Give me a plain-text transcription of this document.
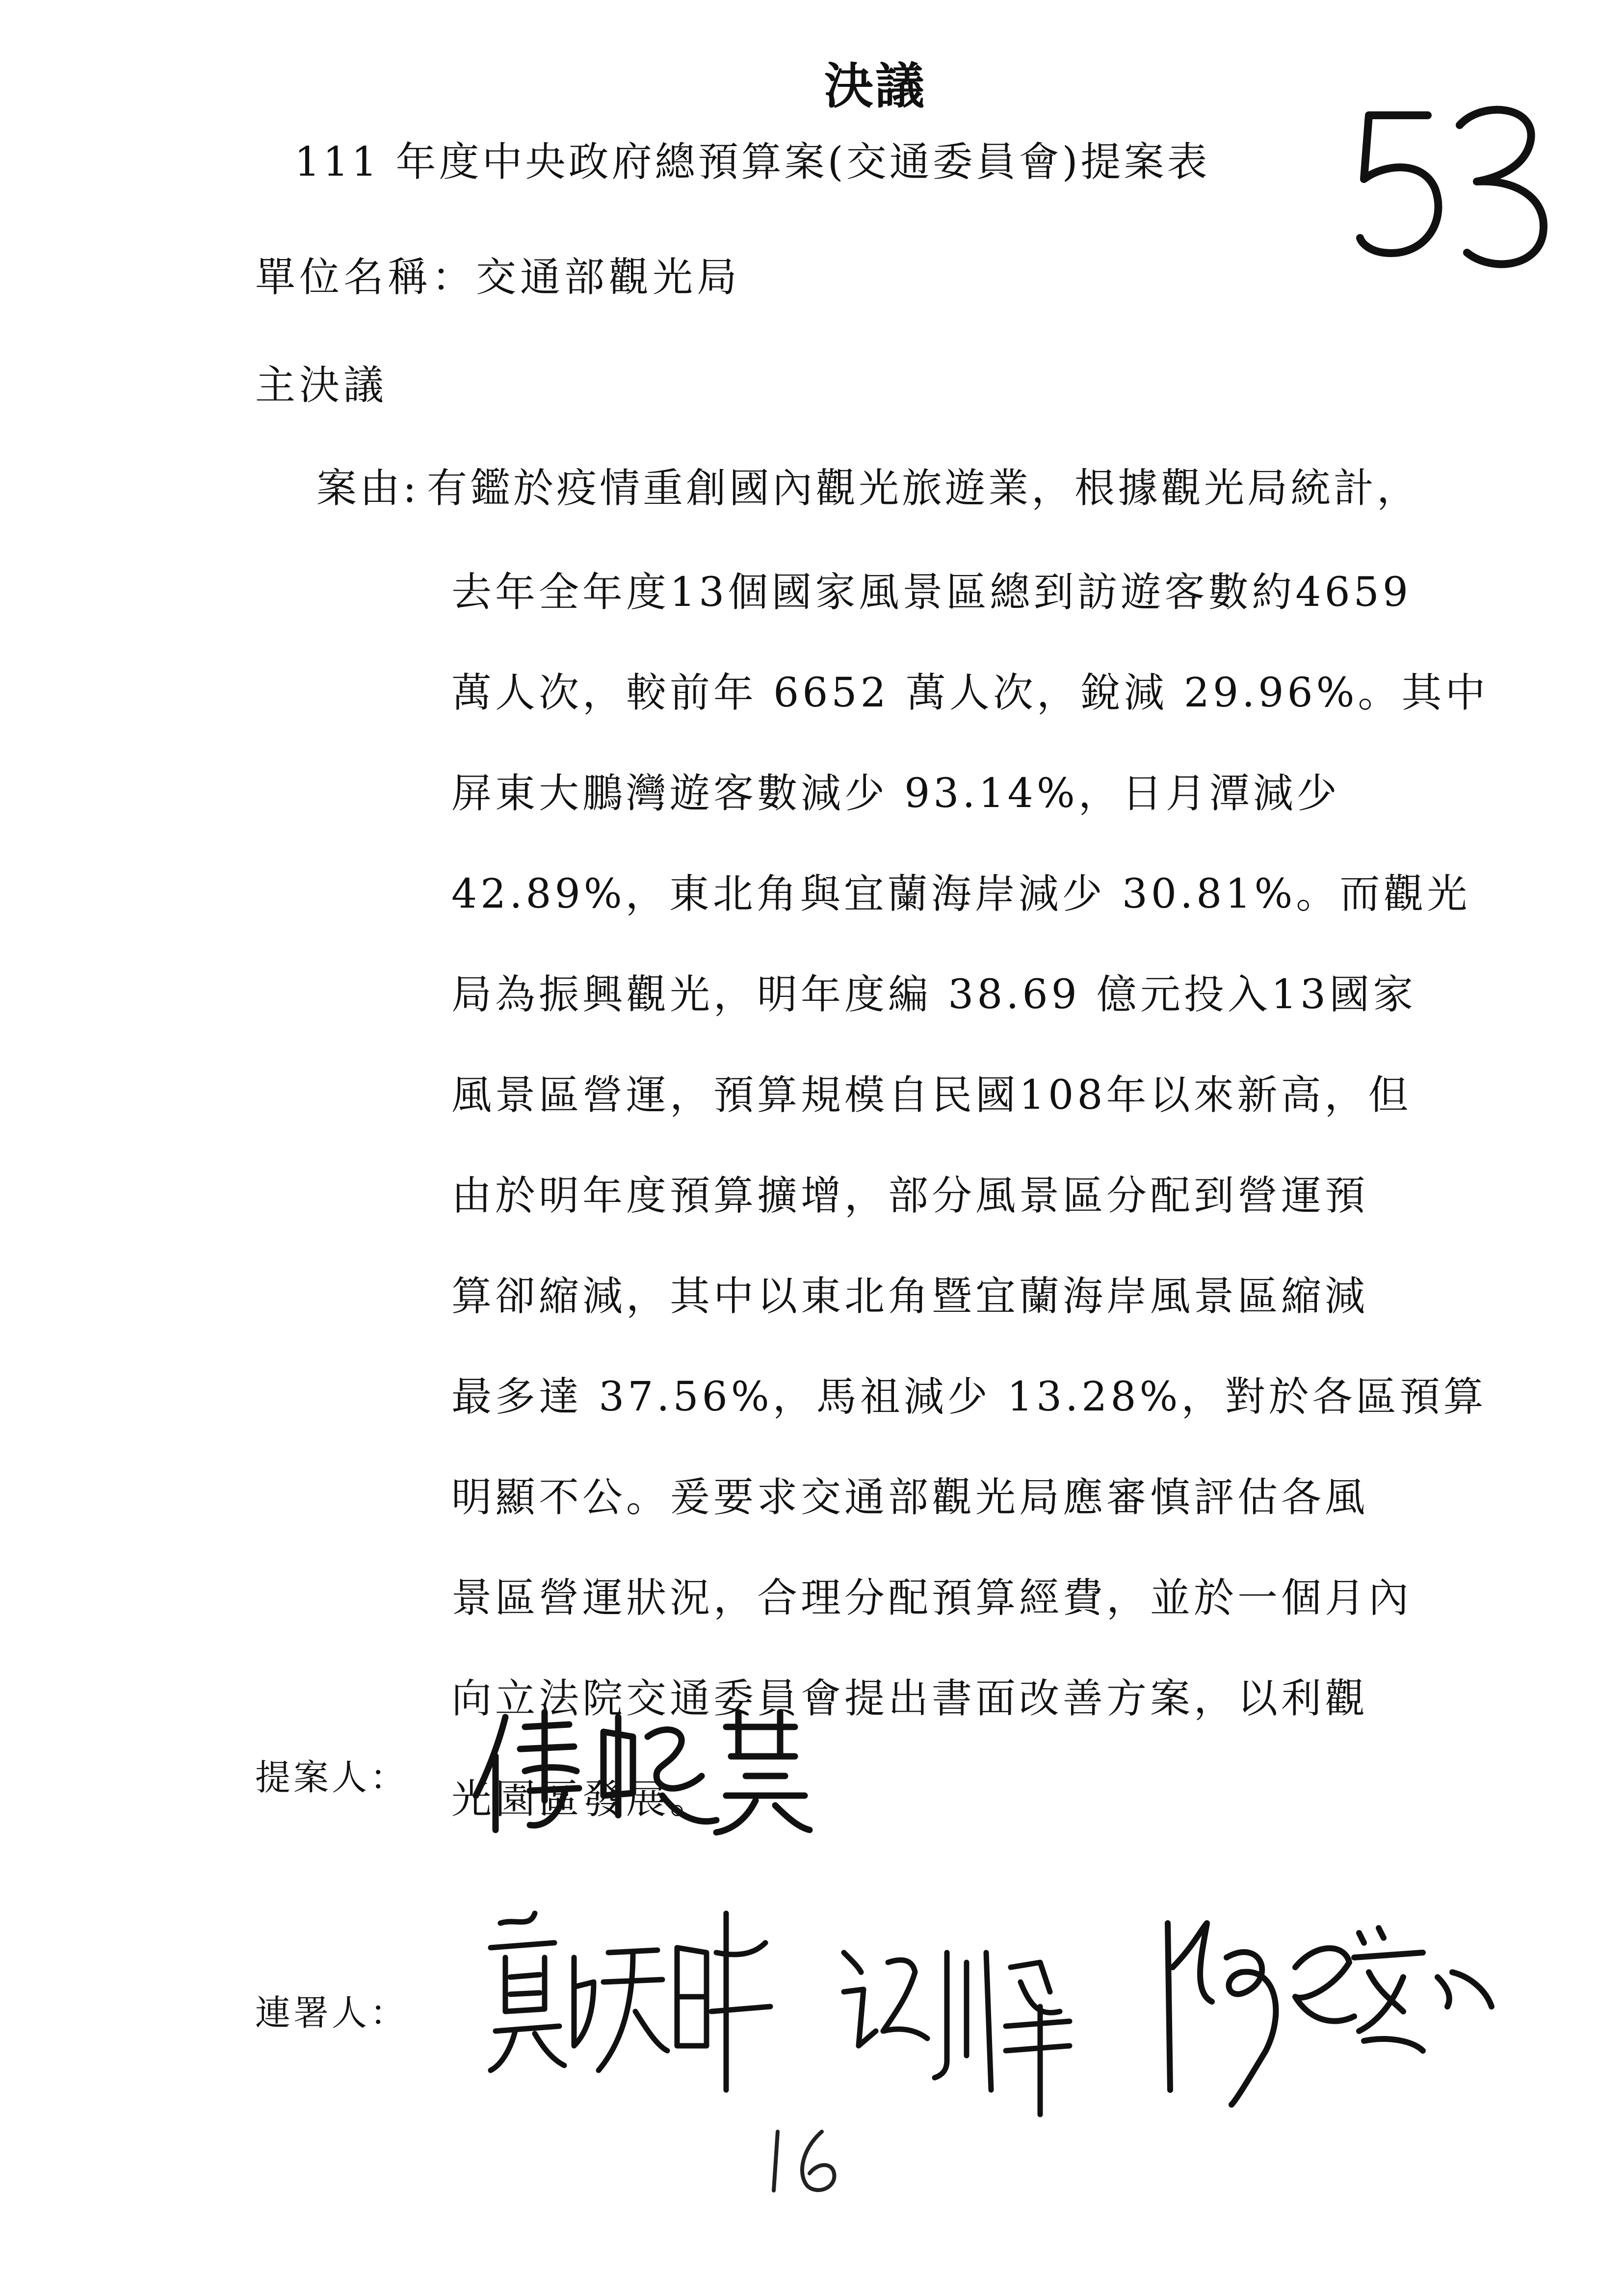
決議
111 年度中央政府總預算案(交通委員會)提案表
單位名稱：交通部觀光局
主決議
案由: 有鑑於疫情重創國內觀光旅遊業，根據觀光局統計，
去年全年度13個國家風景區總到訪遊客數約4659
萬人次，較前年 6652 萬人次，銳減 29.96%。其中
屏東大鵬灣遊客數減少 93.14%，日月潭減少
42.89%，東北角與宜蘭海岸減少 30.81%。而觀光
局為振興觀光，明年度編 38.69 億元投入13國家
風景區營運，預算規模自民國108年以來新高，但
由於明年度預算擴增，部分風景區分配到營運預
算卻縮減，其中以東北角暨宜蘭海岸風景區縮減
最多達 37.56%，馬祖減少 13.28%，對於各區預算
明顯不公。爰要求交通部觀光局應審慎評估各風
景區營運狀況，合理分配預算經費，並於一個月內
向立法院交通委員會提出書面改善方案，以利觀
光園區發展。
提案人：
連署人：
